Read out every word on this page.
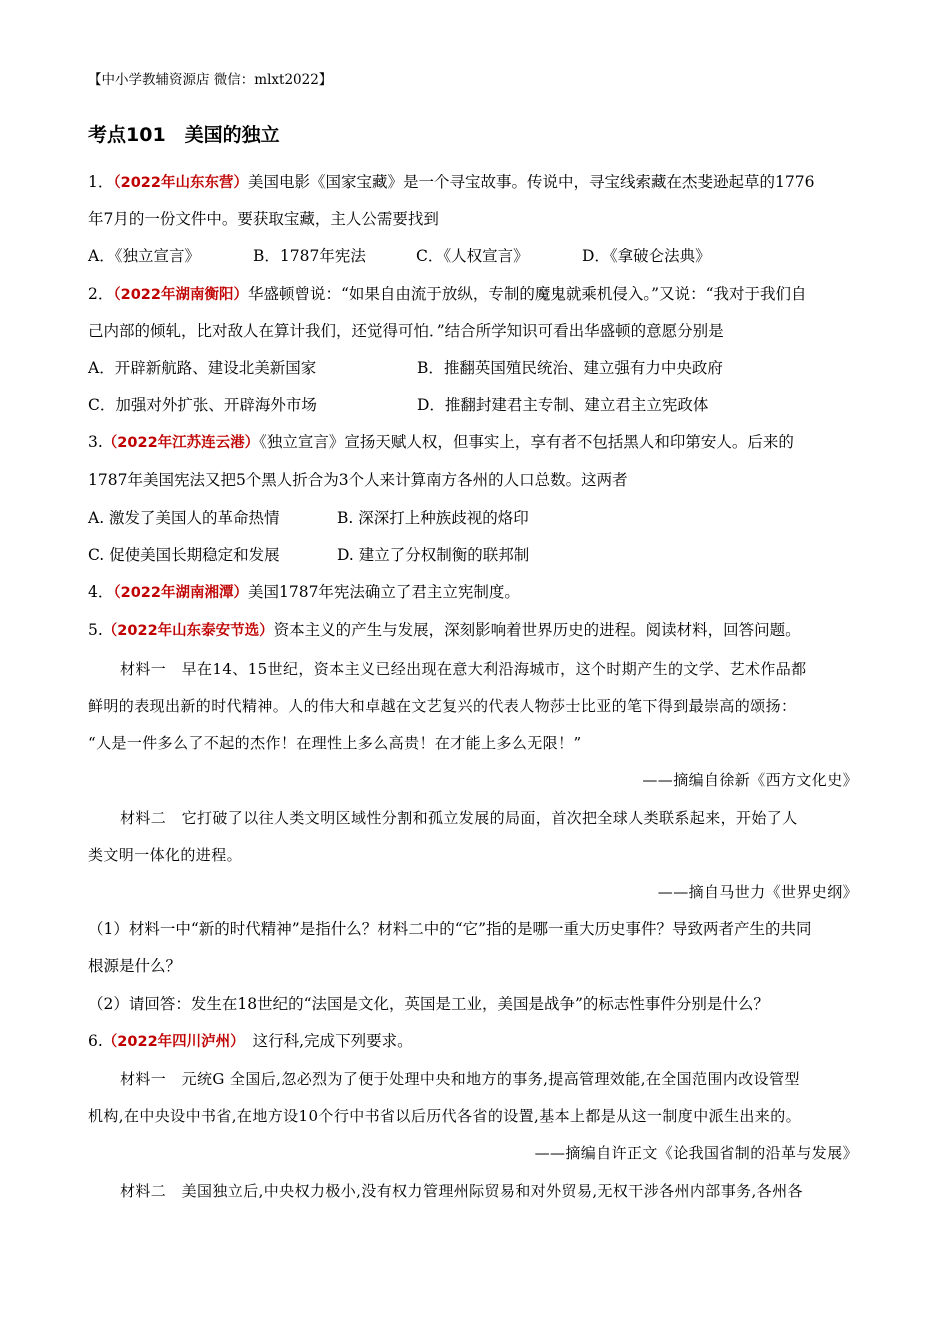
【中小学教辅资源店 微信：mlxt2022】
考点101　美国的独立
1．（2022年山东东营）美国电影《国家宝藏》是一个寻宝故事。传说中，寻宝线索藏在杰斐逊起草的1776
年7月的一份文件中。要获取宝藏，主人公需要找到
A．《独立宣言》	B．1787年宪法	C．《人权宣言》	D．《拿破仑法典》
2．（2022年湖南衡阳）华盛顿曾说：“如果自由流于放纵，专制的魔鬼就乘机侵入。”又说：“我对于我们自
己内部的倾轧，比对敌人在算计我们，还觉得可怕．”结合所学知识可看出华盛顿的意愿分别是
A．开辟新航路、建设北美新国家	B．推翻英国殖民统治、建立强有力中央政府
C．加强对外扩张、开辟海外市场	D．推翻封建君主专制、建立君主立宪政体
3.（2022年江苏连云港）《独立宣言》宣扬天赋人权，但事实上，享有者不包括黑人和印第安人。后来的
1787年美国宪法又把5个黑人折合为3个人来计算南方各州的人口总数。这两者
A. 激发了美国人的革命热情	B. 深深打上种族歧视的烙印
C. 促使美国长期稳定和发展	D. 建立了分权制衡的联邦制
4．（2022年湖南湘潭）美国1787年宪法确立了君主立宪制度。
5.（2022年山东泰安节选）资本主义的产生与发展，深刻影响着世界历史的进程。阅读材料，回答问题。
材料一　早在14、15世纪，资本主义已经出现在意大利沿海城市，这个时期产生的文学、艺术作品都
鲜明的表现出新的时代精神。人的伟大和卓越在文艺复兴的代表人物莎士比亚的笔下得到最崇高的颂扬：
“人是一件多么了不起的杰作！在理性上多么高贵！在才能上多么无限！”
——摘编自徐新《西方文化史》
材料二　它打破了以往人类文明区域性分割和孤立发展的局面，首次把全球人类联系起来，开始了人
类文明一体化的进程。
——摘自马世力《世界史纲》
（1）材料一中“新的时代精神”是指什么？材料二中的“它”指的是哪一重大历史事件？导致两者产生的共同
根源是什么？
（2）请回答：发生在18世纪的“法国是文化，英国是工业，美国是战争”的标志性事件分别是什么？
6.（2022年四川泸州） 这行科,完成下列要求。
材料一　元统G 全国后,忽必烈为了便于处理中央和地方的事务,提高管理效能,在全国范围内改设管型
机构,在中央设中书省,在地方设10个行中书省以后历代各省的设置,基本上都是从这一制度中派生出来的。
——摘编自许正文《论我国省制的沿革与发展》
材料二　美国独立后,中央权力极小,没有权力管理州际贸易和对外贸易,无权干涉各州内部事务,各州各
